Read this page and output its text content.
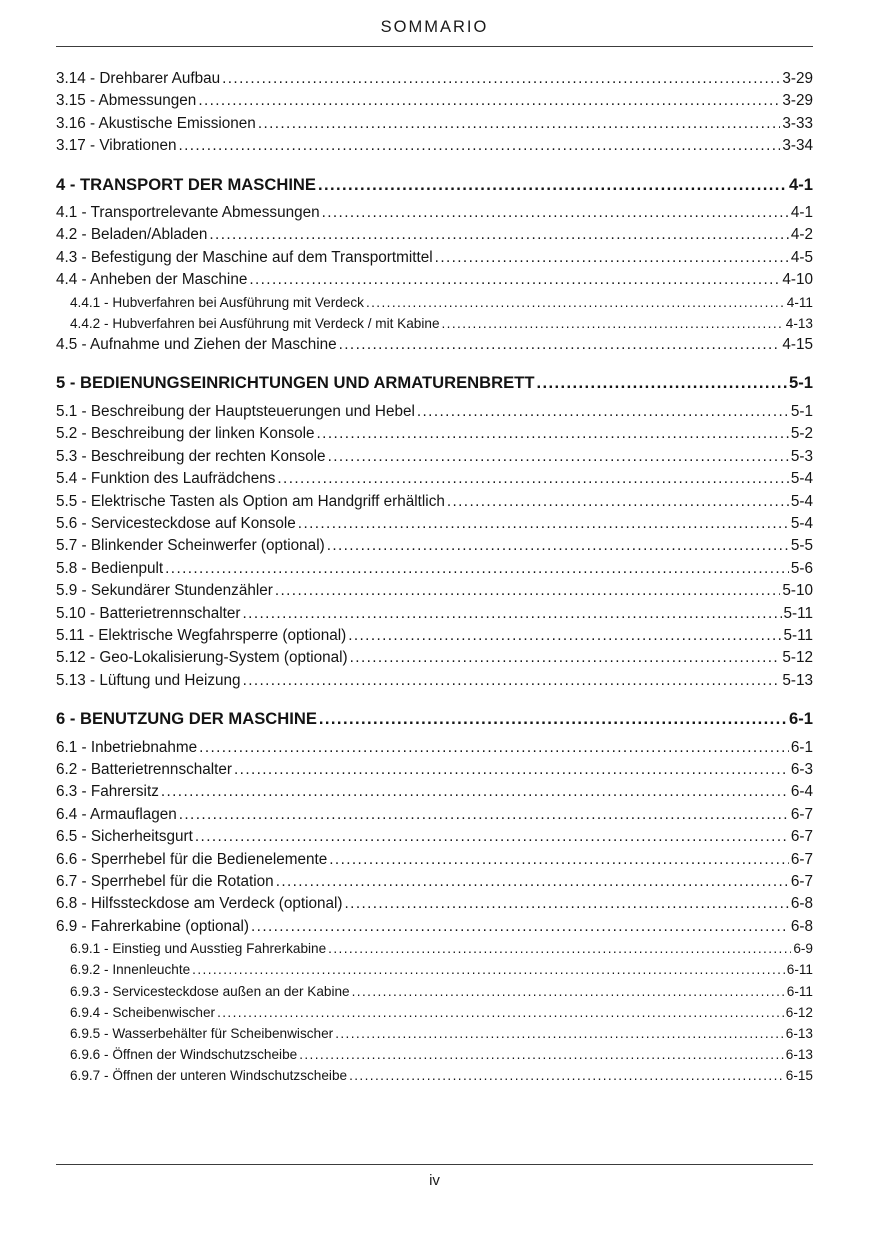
SOMMARIO
3.14 - Drehbarer Aufbau .....	3-29
3.15 - Abmessungen .....	3-29
3.16 - Akustische Emissionen .....	3-33
3.17 - Vibrationen .....	3-34
4 - TRANSPORT DER MASCHINE .....	4-1
4.1 - Transportrelevante Abmessungen .....	4-1
4.2 - Beladen/Abladen .....	4-2
4.3 - Befestigung der Maschine auf dem Transportmittel .....	4-5
4.4 - Anheben der Maschine .....	4-10
4.4.1 - Hubverfahren bei Ausführung mit Verdeck .....	4-11
4.4.2 - Hubverfahren bei Ausführung mit Verdeck / mit Kabine .....	4-13
4.5 - Aufnahme und Ziehen der Maschine .....	4-15
5 - BEDIENUNGSEINRICHTUNGEN UND ARMATURENBRETT .....	5-1
5.1 - Beschreibung der Hauptsteuerungen und Hebel .....	5-1
5.2 - Beschreibung der linken Konsole .....	5-2
5.3 - Beschreibung der rechten Konsole .....	5-3
5.4 - Funktion des Laufrädchens .....	5-4
5.5 - Elektrische Tasten als Option am Handgriff erhältlich .....	5-4
5.6 - Servicesteckdose auf Konsole .....	5-4
5.7 - Blinkender Scheinwerfer (optional) .....	5-5
5.8 - Bedienpult .....	5-6
5.9 - Sekundärer Stundenzähler .....	5-10
5.10 - Batterietrennschalter .....	5-11
5.11 - Elektrische Wegfahrsperre (optional) .....	5-11
5.12 - Geo-Lokalisierung-System (optional) .....	5-12
5.13 - Lüftung und Heizung .....	5-13
6 - BENUTZUNG DER MASCHINE .....	6-1
6.1 - Inbetriebnahme .....	6-1
6.2 - Batterietrennschalter .....	6-3
6.3 - Fahrersitz .....	6-4
6.4 - Armauflagen .....	6-7
6.5 - Sicherheitsgurt .....	6-7
6.6 - Sperrhebel für die Bedienelemente .....	6-7
6.7 - Sperrhebel für die Rotation .....	6-7
6.8 - Hilfssteckdose am Verdeck (optional) .....	6-8
6.9 - Fahrerkabine (optional) .....	6-8
6.9.1 - Einstieg und Ausstieg Fahrerkabine .....	6-9
6.9.2 - Innenleuchte .....	6-11
6.9.3 - Servicesteckdose außen an der Kabine .....	6-11
6.9.4 - Scheibenwischer .....	6-12
6.9.5 - Wasserbehälter für Scheibenwischer .....	6-13
6.9.6 - Öffnen der Windschutzscheibe .....	6-13
6.9.7 - Öffnen der unteren Windschutzscheibe .....	6-15
iv
